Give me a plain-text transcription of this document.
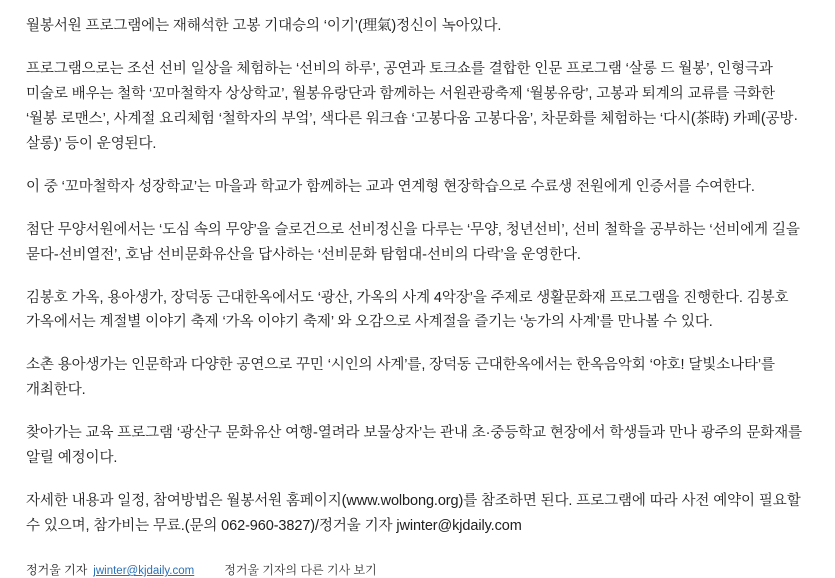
월봉서원 프로그램에는 재해석한 고봉 기대승의 ‘이기’(理氣)정신이 녹아있다.

프로그램으로는 조선 선비 일상을 체험하는 ‘선비의 하루’, 공연과 토크쇼를 결합한 인문 프로그램 ‘살롱 드 월봉’, 인형극과 미술로 배우는 철학 ‘꼬마철학자 상상학교’, 월봉유랑단과 함께하는 서원관광축제 ‘월봉유랑’, 고봉과 퇴계의 교류를 극화한 ‘월봉 로맨스’, 사계절 요리체험 ‘철학자의 부엌’, 색다른 워크숍 ‘고봉다움 고봉다움’, 차문화를 체험하는 ‘다시(茶時) 카페(공방·살롱)’ 등이 운영된다.

이 중 ‘꼬마철학자 성장학교’는 마을과 학교가 함께하는 교과 연계형 현장학습으로 수료생 전원에게 인증서를 수여한다.

첨단 무양서원에서는 ‘도심 속의 무양’을 슬로건으로 선비정신을 다루는 ‘무양, 청년선비’, 선비 철학을 공부하는 ‘선비에게 길을 묻다-선비열전’, 호남 선비문화유산을 답사하는 ‘선비문화 탐험대-선비의 다락’을 운영한다.

김봉호 가옥, 용아생가, 장덕동 근대한옥에서도 ‘광산, 가옥의 사계 4악장’을 주제로 생활문화재 프로그램을 진행한다. 김봉호 가옥에서는 계절별 이야기 축제 ‘가옥 이야기 축제’ 와 오감으로 사계절을 즐기는 ‘농가의 사계’를 만나볼 수 있다.

소촌 용아생가는 인문학과 다양한 공연으로 꾸민 ‘시인의 사계’를, 장덕동 근대한옥에서는 한옥음악회 ‘야호! 달빛소나타’를 개최한다.

찾아가는 교육 프로그램 ‘광산구 문화유산 여행-열려라 보물상자’는 관내 초·중등학교 현장에서 학생들과 만나 광주의 문화재를 알릴 예정이다.

자세한 내용과 일정, 참여방법은 월봉서원 홈페이지(www.wolbong.org)를 참조하면 된다. 프로그램에 따라 사전 예약이 필요할 수 있으며, 참가비는 무료.(문의 062-960-3827)/정거울 기자 jwinter@kjdaily.com

정거울 기자 jwinter@kjdaily.com	정거울 기자의 다른 기사 보기
